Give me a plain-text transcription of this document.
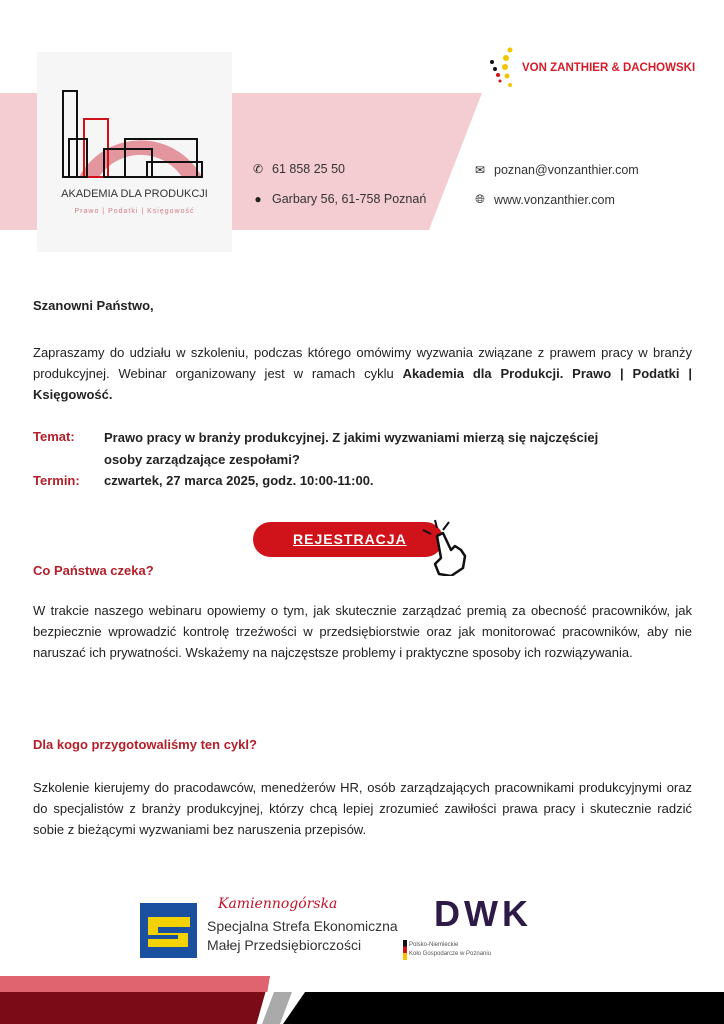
AKADEMIA DLA PRODUKCJI
Prawo | Podatki | Księgowość
VON ZANTHIER & DACHOWSKI
✆ 61 858 25 50
● Garbary 56, 61-758 Poznań
✉ poznan@vonzanthier.com
🌐︎ www.vonzanthier.com
Szanowni Państwo,
Zapraszamy do udziału w szkoleniu, podczas którego omówimy wyzwania związane z prawem pracy w branży produkcyjnej. Webinar organizowany jest w ramach cyklu Akademia dla Produkcji. Prawo | Podatki | Księgowość.
Temat: Prawo pracy w branży produkcyjnej. Z jakimi wyzwaniami mierzą się najczęściej osoby zarządzające zespołami?
Termin: czwartek, 27 marca 2025, godz. 10:00-11:00.
REJESTRACJA
Co Państwa czeka?
W trakcie naszego webinaru opowiemy o tym, jak skutecznie zarządzać premią za obecność pracowników, jak bezpiecznie wprowadzić kontrolę trzeźwości w przedsiębiorstwie oraz jak monitorować pracowników, aby nie naruszać ich prywatności. Wskażemy na najczęstsze problemy i praktyczne sposoby ich rozwiązywania.
Dla kogo przygotowaliśmy ten cykl?
Szkolenie kierujemy do pracodawców, menedżerów HR, osób zarządzających pracownikami produkcyjnymi oraz do specjalistów z branży produkcyjnej, którzy chcą lepiej zrozumieć zawiłości prawa pracy i skutecznie radzić sobie z bieżącymi wyzwaniami bez naruszenia przepisów.
Kamiennogórska
Specjalna Strefa Ekonomiczna
Małej Przedsiębiorczości
DWK
Polsko-Niemieckie
Koło Gospodarcze w Poznaniu
